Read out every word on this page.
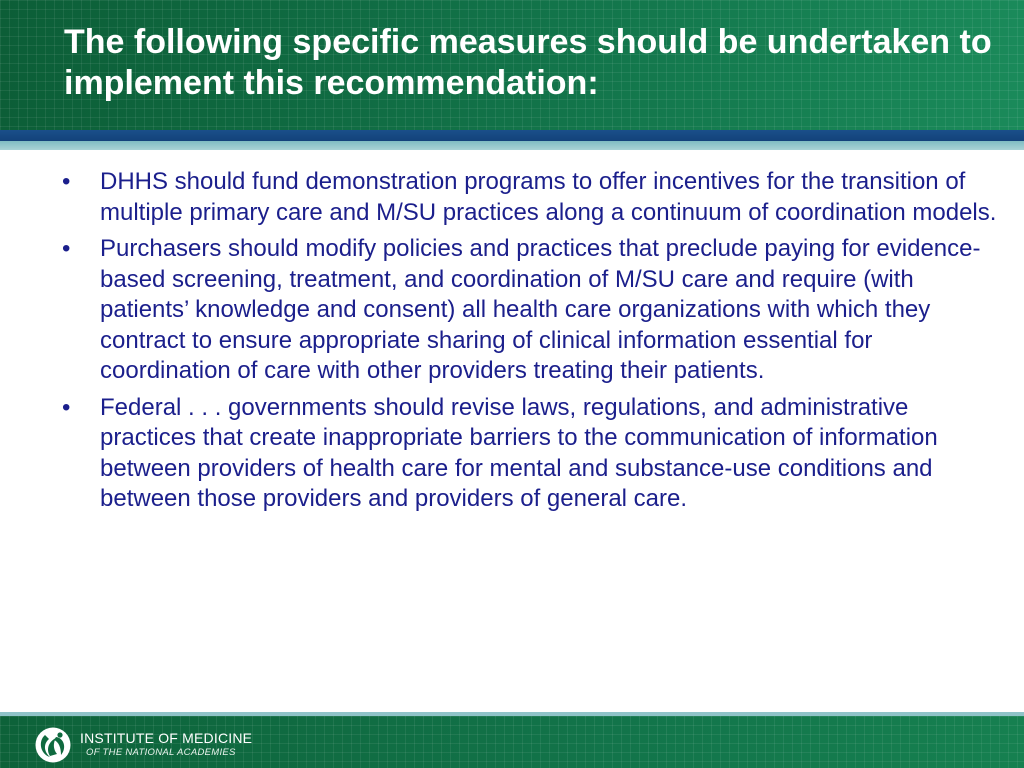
The following specific measures should be undertaken to implement this recommendation:
• DHHS should fund demonstration programs to offer incentives for the transition of multiple primary care and M/SU practices along a continuum of coordination models.
• Purchasers should modify policies and practices that preclude paying for evidence-based screening, treatment, and coordination of M/SU care and require (with patients’ knowledge and consent) all health care organizations with which they contract to ensure appropriate sharing of clinical information essential for coordination of care with other providers treating their patients.
• Federal . . . governments should revise laws, regulations, and administrative practices that create inappropriate barriers to the communication of information between providers of health care for mental and substance-use conditions and between those providers and providers of general care.
INSTITUTE OF MEDICINE
OF THE NATIONAL ACADEMIES
